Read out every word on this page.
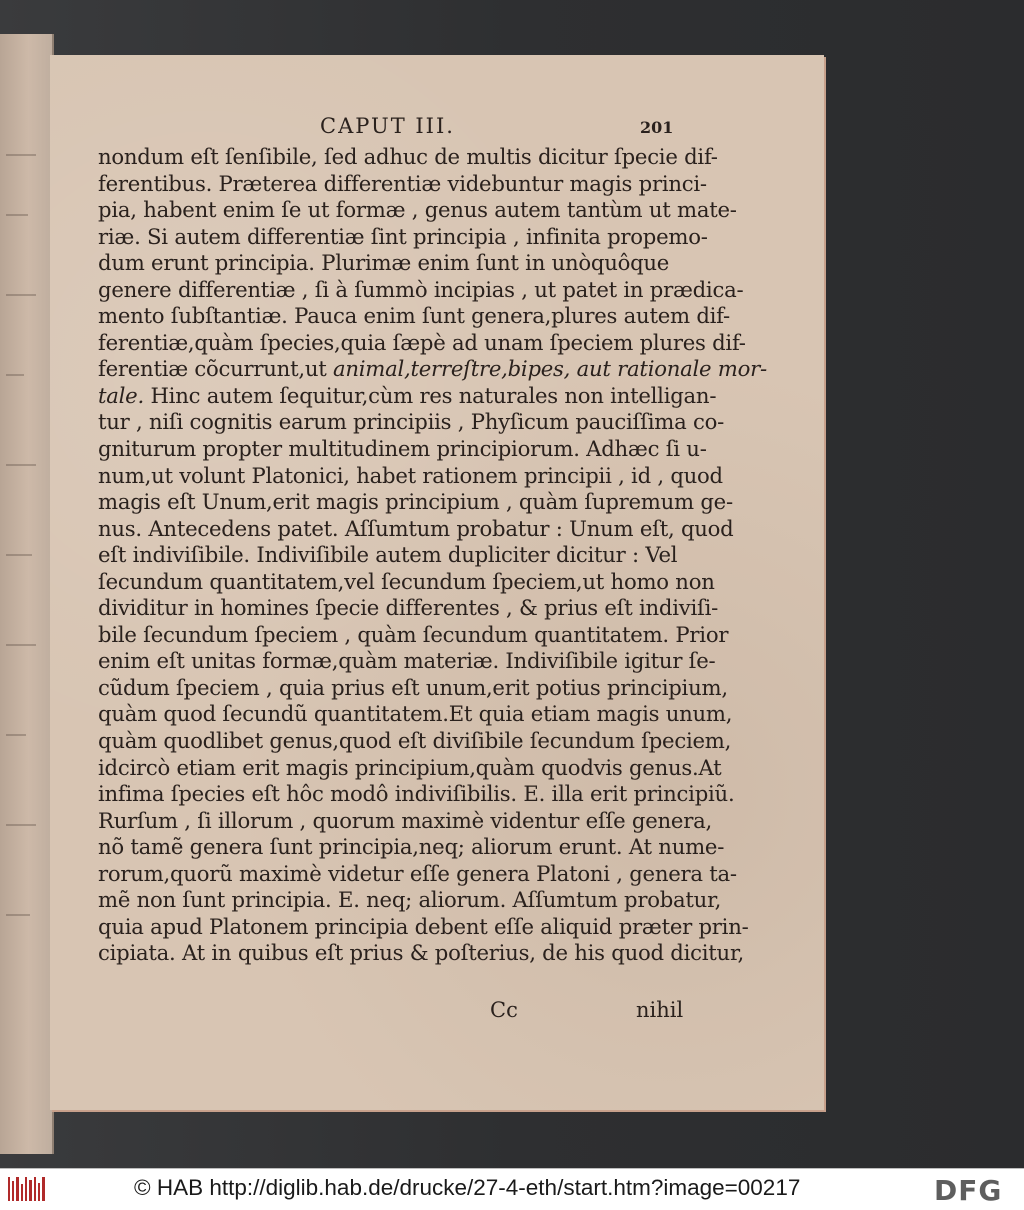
CAPUT III.	201
nondum eſt ſenſibile, ſed adhuc de multis dicitur ſpecie dif-
ferentibus. Præterea differentiæ videbuntur magis princi-
pia, habent enim ſe ut formæ , genus autem tantùm ut mate-
riæ. Si autem differentiæ ſint principia , infinita propemo-
dum erunt principia. Plurimæ enim ſunt in unòquôque
genere differentiæ , ſi à ſummò incipias , ut patet in prædica-
mento ſubſtantiæ. Pauca enim ſunt genera,plures autem dif-
ferentiæ,quàm ſpecies,quia ſæpè ad unam ſpeciem plures dif-
ferentiæ cõcurrunt,ut animal,terreſtre,bipes, aut rationale mor-
tale. Hinc autem ſequitur,cùm res naturales non intelligan-
tur , niſi cognitis earum principiis , Phyſicum pauciſſima co-
gniturum propter multitudinem principiorum. Adhæc ſi u-
num,ut volunt Platonici, habet rationem principii , id , quod
magis eſt Unum,erit magis principium , quàm ſupremum ge-
nus. Antecedens patet. Aſſumtum probatur : Unum eſt, quod
eſt indiviſibile. Indiviſibile autem dupliciter dicitur : Vel
ſecundum quantitatem,vel ſecundum ſpeciem,ut homo non
dividitur in homines ſpecie differentes , & prius eſt indiviſi-
bile ſecundum ſpeciem , quàm ſecundum quantitatem. Prior
enim eſt unitas formæ,quàm materiæ. Indiviſibile igitur ſe-
cũdum ſpeciem , quia prius eſt unum,erit potius principium,
quàm quod ſecundũ quantitatem.Et quia etiam magis unum,
quàm quodlibet genus,quod eſt diviſibile ſecundum ſpeciem,
idcircò etiam erit magis principium,quàm quodvis genus.At
infima ſpecies eſt hôc modô indiviſibilis. E. illa erit principiũ.
Rurſum , ſi illorum , quorum maximè videntur eſſe genera,
nõ tamẽ genera ſunt principia,neq; aliorum erunt. At nume-
rorum,quorũ maximè videtur eſſe genera Platoni , genera ta-
mẽ non ſunt principia. E. neq; aliorum. Aſſumtum probatur,
quia apud Platonem principia debent eſſe aliquid præter prin-
cipiata. At in quibus eſt prius & poſterius, de his quod dicitur,
Cc	nihil
© HAB http://diglib.hab.de/drucke/27-4-eth/start.htm?image=00217	DFG
